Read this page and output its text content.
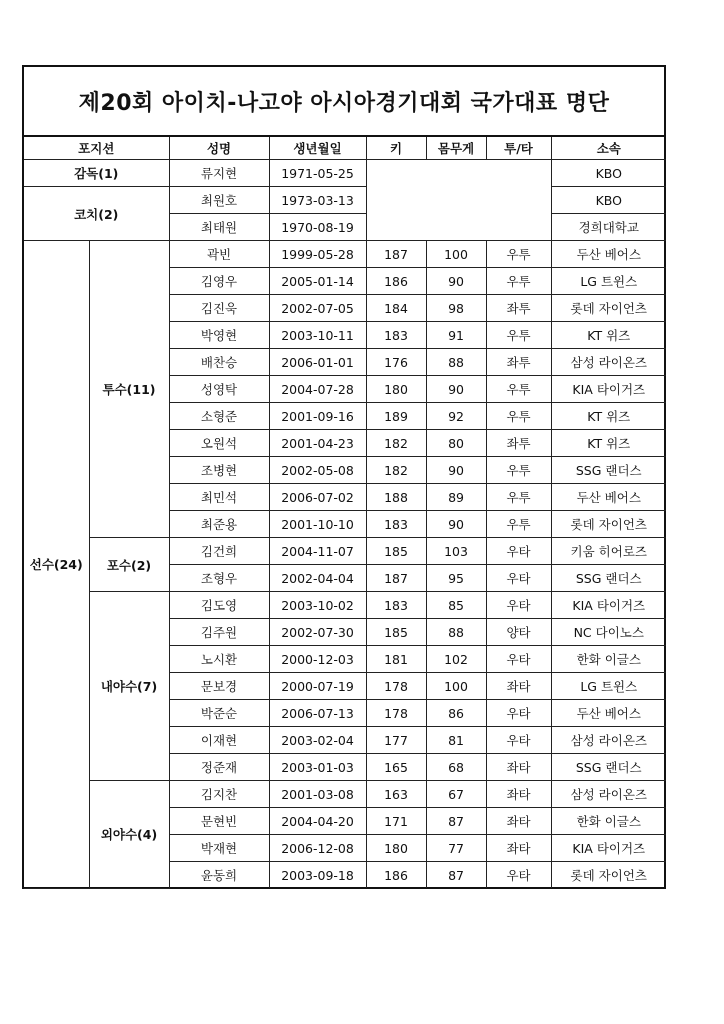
제20회 아이치-나고야 아시아경기대회 국가대표 명단
포지션		성명	생년월일	키	몸무게	투/타	소속
감독(1)		류지현	1971-05-25				KBO
코치(2)		최원호	1973-03-13				KBO
		최태원	1970-08-19				경희대학교
선수(24)	투수(11)	곽빈	1999-05-28	187	100	우투	두산 베어스
		김영우	2005-01-14	186	90	우투	LG 트윈스
		김진욱	2002-07-05	184	98	좌투	롯데 자이언츠
		박영현	2003-10-11	183	91	우투	KT 위즈
		배찬승	2006-01-01	176	88	좌투	삼성 라이온즈
		성영탁	2004-07-28	180	90	우투	KIA 타이거즈
		소형준	2001-09-16	189	92	우투	KT 위즈
		오원석	2001-04-23	182	80	좌투	KT 위즈
		조병현	2002-05-08	182	90	우투	SSG 랜더스
		최민석	2006-07-02	188	89	우투	두산 베어스
		최준용	2001-10-10	183	90	우투	롯데 자이언츠
	포수(2)	김건희	2004-11-07	185	103	우타	키움 히어로즈
		조형우	2002-04-04	187	95	우타	SSG 랜더스
	내야수(7)	김도영	2003-10-02	183	85	우타	KIA 타이거즈
		김주원	2002-07-30	185	88	양타	NC 다이노스
		노시환	2000-12-03	181	102	우타	한화 이글스
		문보경	2000-07-19	178	100	좌타	LG 트윈스
		박준순	2006-07-13	178	86	우타	두산 베어스
		이재현	2003-02-04	177	81	우타	삼성 라이온즈
		정준재	2003-01-03	165	68	좌타	SSG 랜더스
	외야수(4)	김지찬	2001-03-08	163	67	좌타	삼성 라이온즈
		문현빈	2004-04-20	171	87	좌타	한화 이글스
		박재현	2006-12-08	180	77	좌타	KIA 타이거즈
		윤동희	2003-09-18	186	87	우타	롯데 자이언츠
